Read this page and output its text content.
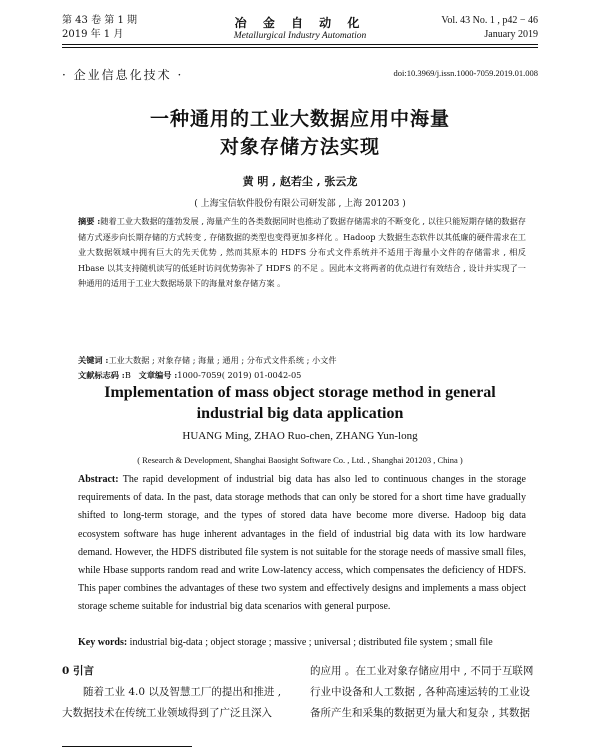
第 43 卷 第 1 期
2019 年 1 月
冶 金 自 动 化
Metallurgical Industry Automation
Vol. 43 No. 1 , p42 − 46
January 2019
· 企业信息化技术 ·	doi:10.3969/j.issn.1000-7059.2019.01.008
一种通用的工业大数据应用中海量
对象存储方法实现
黄 明 , 赵若尘 , 张云龙
( 上海宝信软件股份有限公司研发部 , 上海 201203 )
摘要 :随着工业大数据的蓬勃发展 , 海量产生的各类数据同时也推动了数据存储需求的不断变化 , 以往只能短期存储的数据存储方式逐步向长期存储的方式转变 , 存储数据的类型也变得更加多样化 。Hadoop 大数据生态软件以其低廉的硬件需求在工业大数据领域中拥有巨大的先天优势 , 然而其原本的 HDFS 分布式文件系统并不适用于海量小文件的存储需求 , 相反 Hbase 以其支持随机读写的低延时访问优势弥补了 HDFS 的不足 。因此本文将两者的优点进行有效结合 , 设计并实现了一种通用的适用于工业大数据场景下的海量对象存储方案 。
关键词 :工业大数据 ; 对象存储 ; 海量 ; 通用 ; 分布式文件系统 ; 小文件
文献标志码 :B 文章编号 :1000-7059( 2019) 01-0042-05
Implementation of mass object storage method in general
industrial big data application
HUANG Ming, ZHAO Ruo-chen, ZHANG Yun-long
( Research & Development, Shanghai Baosight Software Co. , Ltd. , Shanghai 201203 , China )
Abstract: The rapid development of industrial big data has also led to continuous changes in the storage requirements of data. In the past, data storage methods that can only be stored for a short time have gradually shifted to long-term storage, and the types of stored data have become more diverse. Hadoop big data ecosystem software has huge inherent advantages in the field of industrial big data with its low hardware demand. However, the HDFS distributed file system is not suitable for the storage needs of massive small files, while Hbase supports random read and write Low-latency access, which compensates the deficiency of HDFS. This paper combines the advantages of these two system and effectively designs and implements a mass object storage scheme suitable for industrial big data scenarios with general purpose.
Key words: industrial big-data ; object storage ; massive ; universal ; distributed file system ; small file
0 引言
随着工业 4.0 以及智慧工厂的提出和推进 ,
大数据技术在传统工业领域得到了广泛且深入
的应用 。在工业对象存储应用中 , 不同于互联网
行业中设备和人工数据 , 各种高速运转的工业设
备所产生和采集的数据更为量大和复杂 , 其数据
